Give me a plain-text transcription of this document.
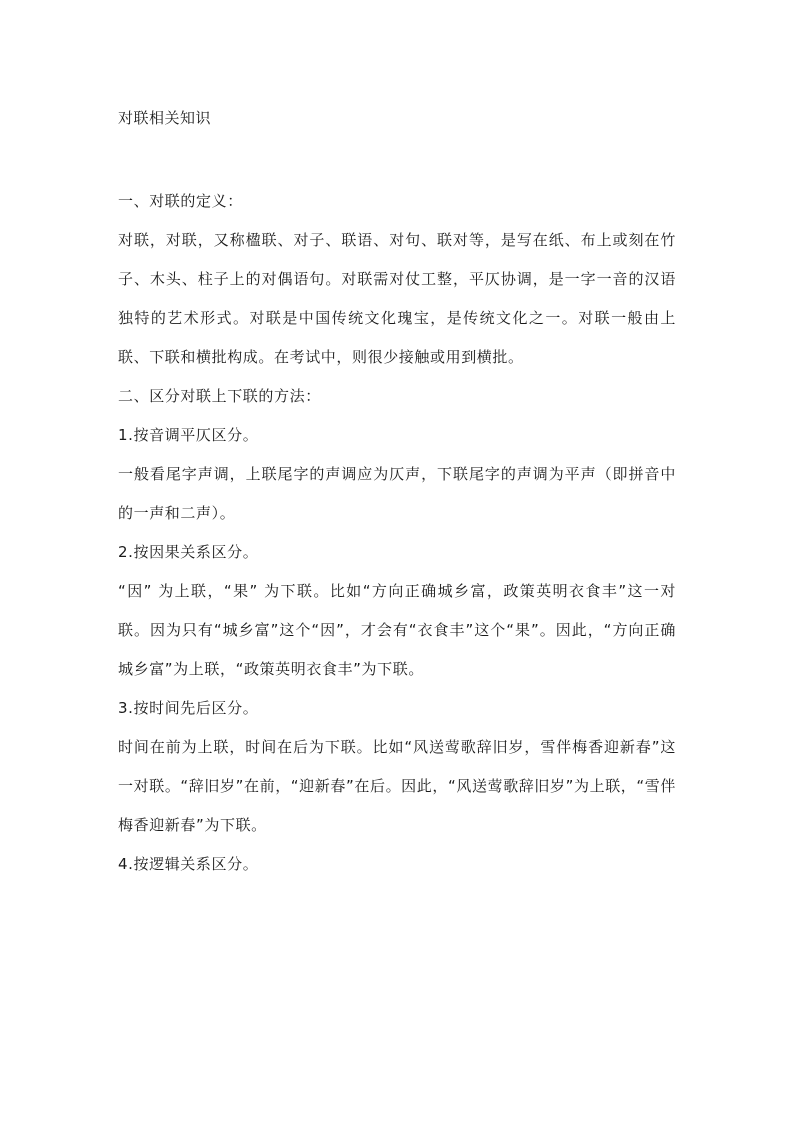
对联相关知识

一、对联的定义：

对联，对联，又称楹联、对子、联语、对句、联对等，是写在纸、布上或刻在竹子、木头、柱子上的对偶语句。对联需对仗工整，平仄协调，是一字一音的汉语独特的艺术形式。对联是中国传统文化瑰宝，是传统文化之一。对联一般由上联、下联和横批构成。在考试中，则很少接触或用到横批。

二、区分对联上下联的方法：

1.按音调平仄区分。

一般看尾字声调，上联尾字的声调应为仄声，下联尾字的声调为平声（即拼音中的一声和二声）。

2.按因果关系区分。

“因” 为上联，“果” 为下联。比如“方向正确城乡富，政策英明衣食丰”这一对联。因为只有“城乡富”这个“因”，才会有“衣食丰”这个“果”。因此，“方向正确城乡富”为上联，“政策英明衣食丰”为下联。

3.按时间先后区分。

时间在前为上联，时间在后为下联。比如“风送莺歌辞旧岁，雪伴梅香迎新春”这一对联。“辞旧岁”在前，“迎新春”在后。因此，“风送莺歌辞旧岁”为上联，“雪伴梅香迎新春”为下联。

4.按逻辑关系区分。
